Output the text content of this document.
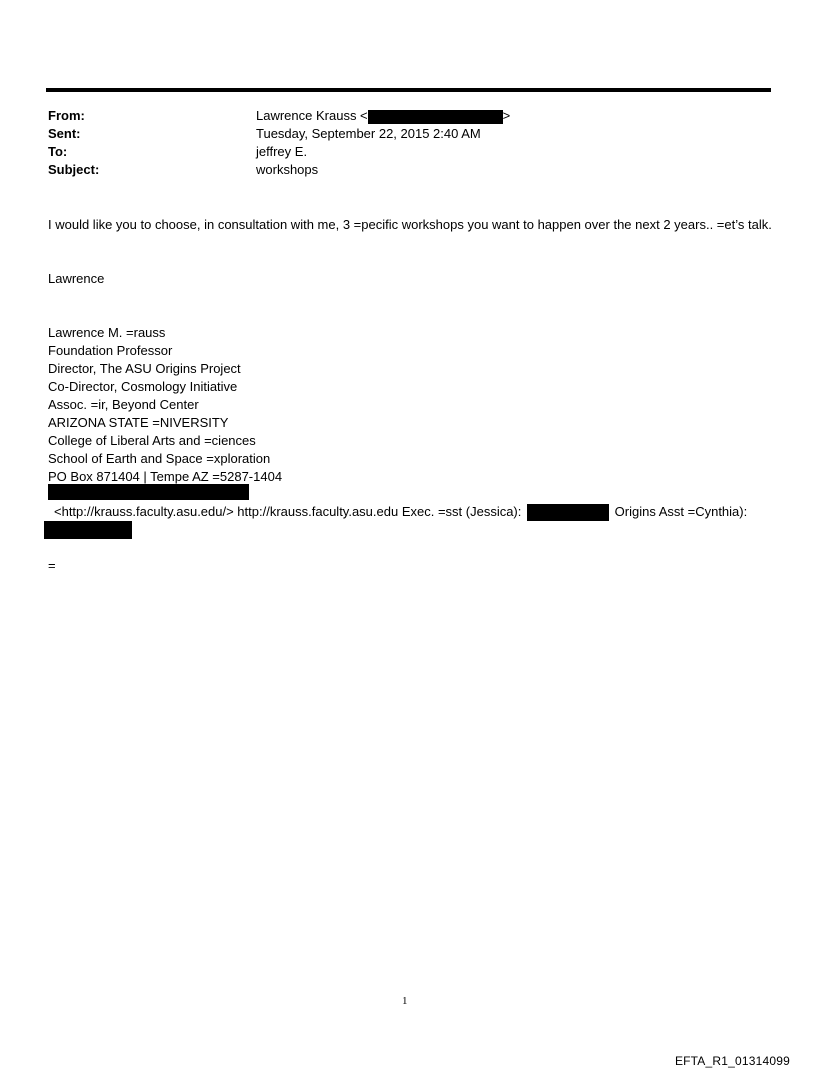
From:	Lawrence Krauss <	>
Sent:	Tuesday, September 22, 2015 2:40 AM
To:	jeffrey E.
Subject:	workshops
I would like you to choose, in consultation with me, 3 =pecific workshops you want to happen over the next 2 years.. =et’s talk.
Lawrence
Lawrence M. =rauss
Foundation Professor
Director, The ASU Origins Project
Co-Director, Cosmology Initiative
Assoc. =ir, Beyond Center
ARIZONA STATE =NIVERSITY
College of Liberal Arts and =ciences
School of Earth and Space =xploration
PO Box 871404 | Tempe AZ =5287-1404
<http://krauss.faculty.asu.edu/> http://krauss.faculty.asu.edu Exec. =sst (Jessica):	Origins Asst =Cynthia):
=
1
EFTA_R1_01314099
